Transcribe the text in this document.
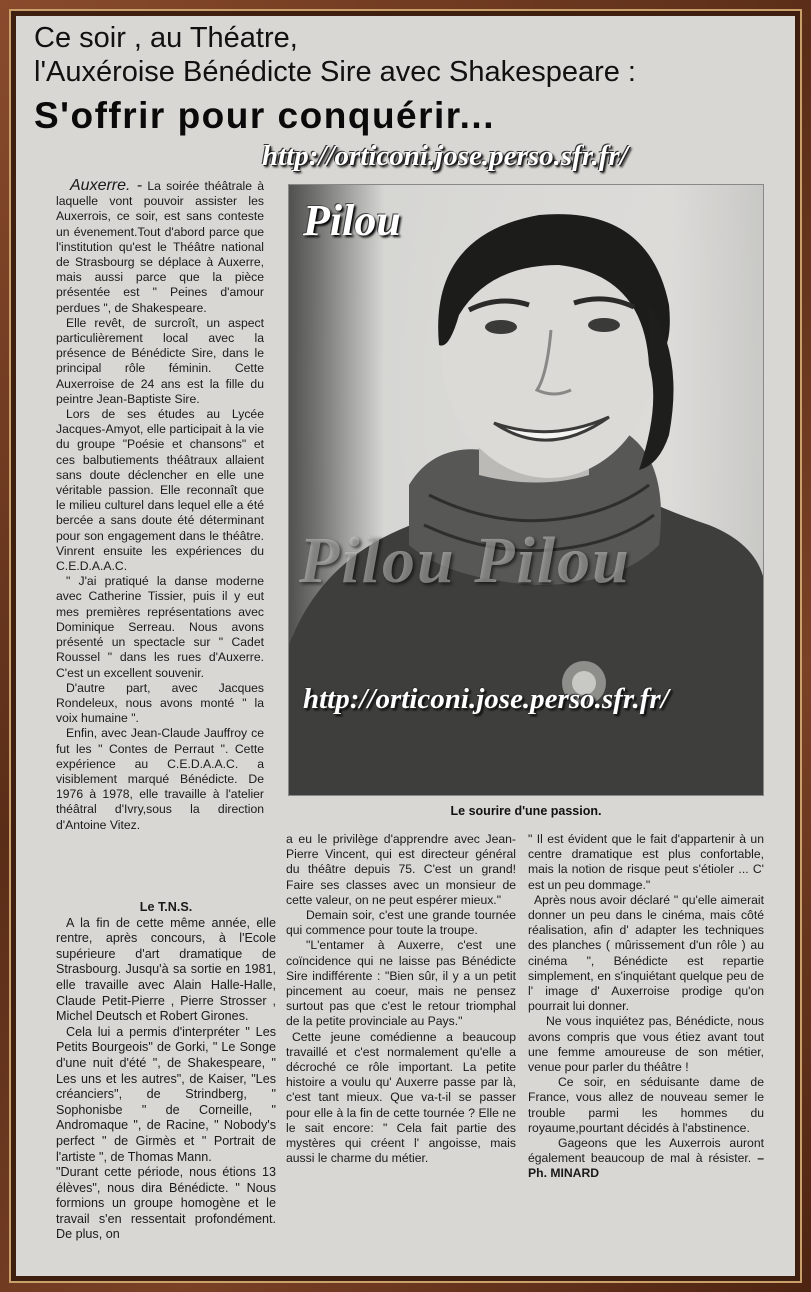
Ce soir , au Théatre,
l'Auxéroise Bénédicte Sire avec Shakespeare :
S'offrir pour conquérir...
http://orticoni.jose.perso.sfr.fr/

Auxerre. - La soirée théâtrale à laquelle vont pouvoir assister les Auxerrois, ce soir, est sans conteste un évenement.Tout d'abord parce que l'institution qu'est le Théâtre national de Strasbourg se déplace à Auxerre, mais aussi parce que la pièce présentée est " Peines d'amour perdues ", de Shakespeare.

Elle revêt, de surcroît, un aspect particulièrement local avec la présence de Bénédicte Sire, dans le principal rôle féminin. Cette Auxerroise de 24 ans est la fille du peintre Jean-Baptiste Sire.

Lors de ses études au Lycée Jacques-Amyot, elle participait à la vie du groupe "Poésie et chansons" et ces balbutiements théâtraux allaient sans doute déclencher en elle une véritable passion. Elle reconnaît que le milieu culturel dans lequel elle a été bercée a sans doute été déterminant pour son engagement dans le théâtre. Vinrent ensuite les expériences du C.E.D.A.A.C.

" J'ai pratiqué la danse moderne avec Catherine Tissier, puis il y eut mes premières représentations avec Dominique Serreau. Nous avons présenté un spectacle sur " Cadet Roussel " dans les rues d'Auxerre. C'est un excellent souvenir.

D'autre part, avec Jacques Rondeleux, nous avons monté " la voix humaine ".

Enfin, avec Jean-Claude Jauffroy ce fut les " Contes de Perraut ". Cette expérience au C.E.D.A.A.C. a visiblement marqué Bénédicte. De 1976 à 1978, elle travaille à l'atelier théâtral d'Ivry,sous la direction d'Antoine Vitez.

Pilou
Pilou Pilou
http://orticoni.jose.perso.sfr.fr/
Le sourire d'une passion.

Le T.N.S.

A la fin de cette même année, elle rentre, après concours, à l'Ecole supérieure d'art dramatique de Strasbourg. Jusqu'à sa sortie en 1981, elle travaille avec Alain Halle-Halle, Claude Petit-Pierre , Pierre Strosser , Michel Deutsch et Robert Girones.

Cela lui a permis d'interpréter " Les Petits Bourgeois" de Gorki, " Le Songe d'une nuit d'été ", de Shakespeare, " Les uns et les autres", de Kaiser, "Les créanciers", de Strindberg, " Sophonisbe " de Corneille, " Andromaque ", de Racine, " Nobody's perfect " de Girmès et " Portrait de l'artiste ", de Thomas Mann.

"Durant cette période, nous étions 13 élèves", nous dira Bénédicte. " Nous formions un groupe homogène et le travail s'en ressentait profondément. De plus, on

a eu le privilège d'apprendre avec Jean-Pierre Vincent, qui est directeur général du théâtre depuis 75. C'est un grand! Faire ses classes avec un monsieur de cette valeur, on ne peut espérer mieux."

Demain soir, c'est une grande tournée qui commence pour toute la troupe.

"L'entamer à Auxerre, c'est une coïncidence qui ne laisse pas Bénédicte Sire indifférente : "Bien sûr, il y a un petit pincement au coeur, mais ne pensez surtout pas que c'est le retour triomphal de la petite provinciale au Pays."

Cette jeune comédienne a beaucoup travaillé et c'est normalement qu'elle a décroché ce rôle important. La petite histoire a voulu qu' Auxerre passe par là, c'est tant mieux. Que va-t-il se passer pour elle à la fin de cette tournée ? Elle ne le sait encore: " Cela fait partie des mystères qui créent l' angoisse, mais aussi le charme du métier.

" Il est évident que le fait d'appartenir à un centre dramatique est plus confortable, mais la notion de risque peut s'étioler ... C' est un peu dommage."

Après nous avoir déclaré " qu'elle aimerait donner un peu dans le cinéma, mais côté réalisation, afin d' adapter les techniques des planches ( mûrissement d'un rôle ) au cinéma ", Bénédicte est repartie simplement, en s'inquiétant quelque peu de l' image d' Auxerroise prodige qu'on pourrait lui donner.

Ne vous inquiétez pas, Bénédicte, nous avons compris que vous étiez avant tout une femme amoureuse de son métier, venue pour parler du théâtre !

Ce soir, en séduisante dame de France, vous allez de nouveau semer le trouble parmi les hommes du royaume,pourtant décidés à l'abstinence.

Gageons que les Auxerrois auront également beaucoup de mal à résister. – Ph. MINARD
